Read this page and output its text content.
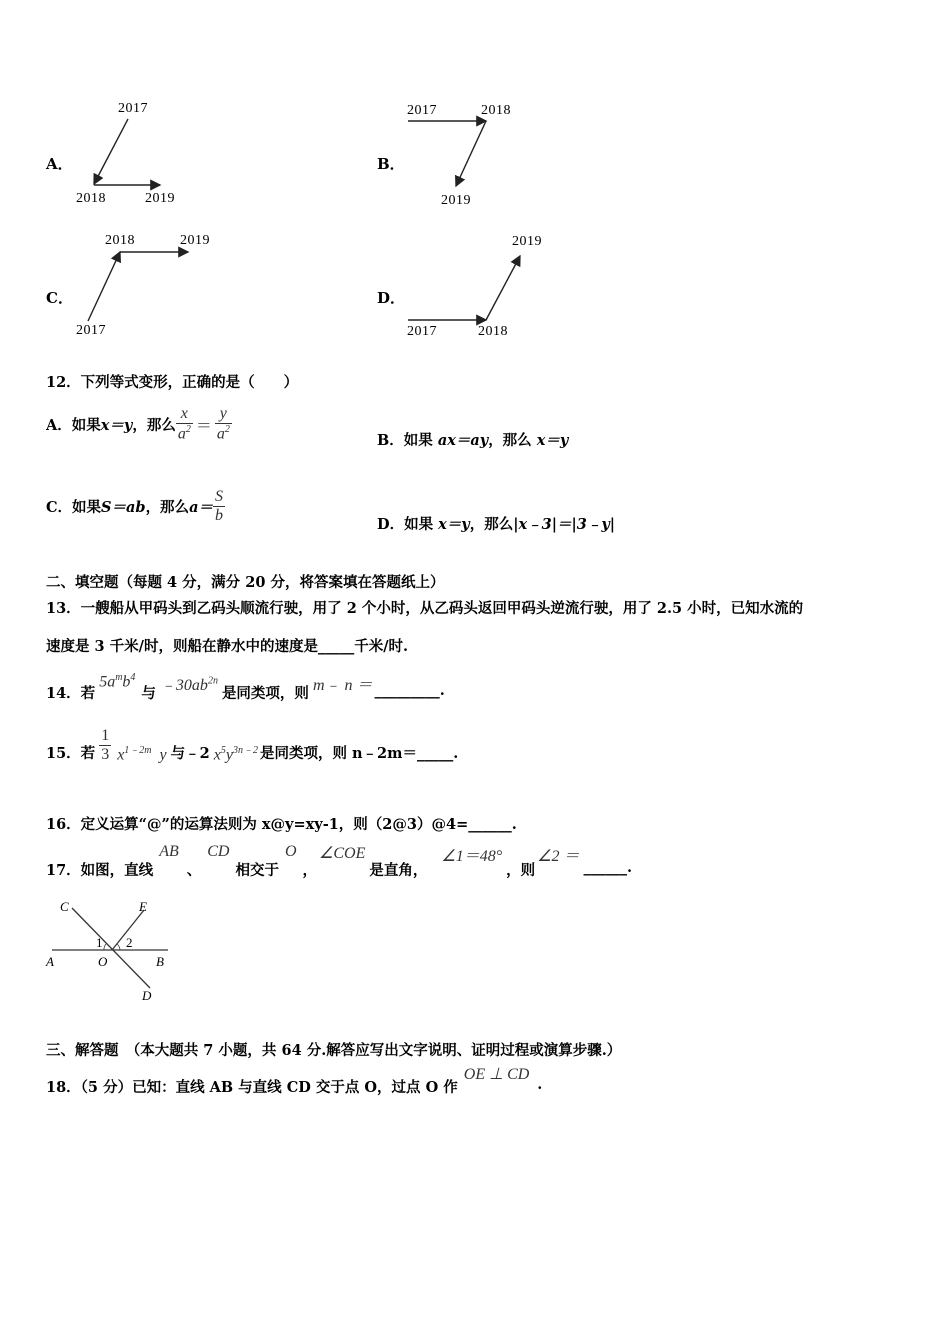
A．	B．
C．	D．
2017
2018	2019
2017	2018
2019
2018	2019
2017
2019
2017	2018
12．下列等式变形，正确的是（　　）
A．如果 x＝y ，那么 $\frac{x}{a^2} = \frac{y}{a^2}$	B．如果 ax＝ay，那么 x＝y
C．如果 S＝ab ，那么 $a= \frac{S}{b}$	D．如果 x＝y，那么|x﹣3|＝|3﹣y|
二、填空题（每题 4 分，满分 20 分，将答案填在答题纸上）
13．一艘船从甲码头到乙码头顺流行驶，用了 2 个小时，从乙码头返回甲码头逆流行驶，用了 2.5 小时，已知水流的
速度是 3 千米/时，则船在静水中的速度是_____千米/时.
14．若
$5a^mb^4$
与 $﹣30ab^{2n}$
是同类项，则 m﹣ n ＝ _________.
15．若 $\frac{1}{3} x^{1﹣2m}$ y 与﹣2 $x^5y^{3n﹣2}$ 是同类项，则 n﹣2m＝_____.
16．定义运算“@”的运算法则为 x@y=xy-1，则（2@3）@4=______.
17．如图，直线
AB
、
CD
相交于
O
，
∠COE
是直角，
∠1＝48°
，则
∠2 ＝
______.
C	E
1 2
A	O	B
D
三、解答题　（本大题共 7 小题，共 64 分.解答应写出文字说明、证明过程或演算步骤.）
18．（5 分）已知：直线 AB 与直线 CD 交于点 O，过点 O 作
OE ⊥ CD
.
